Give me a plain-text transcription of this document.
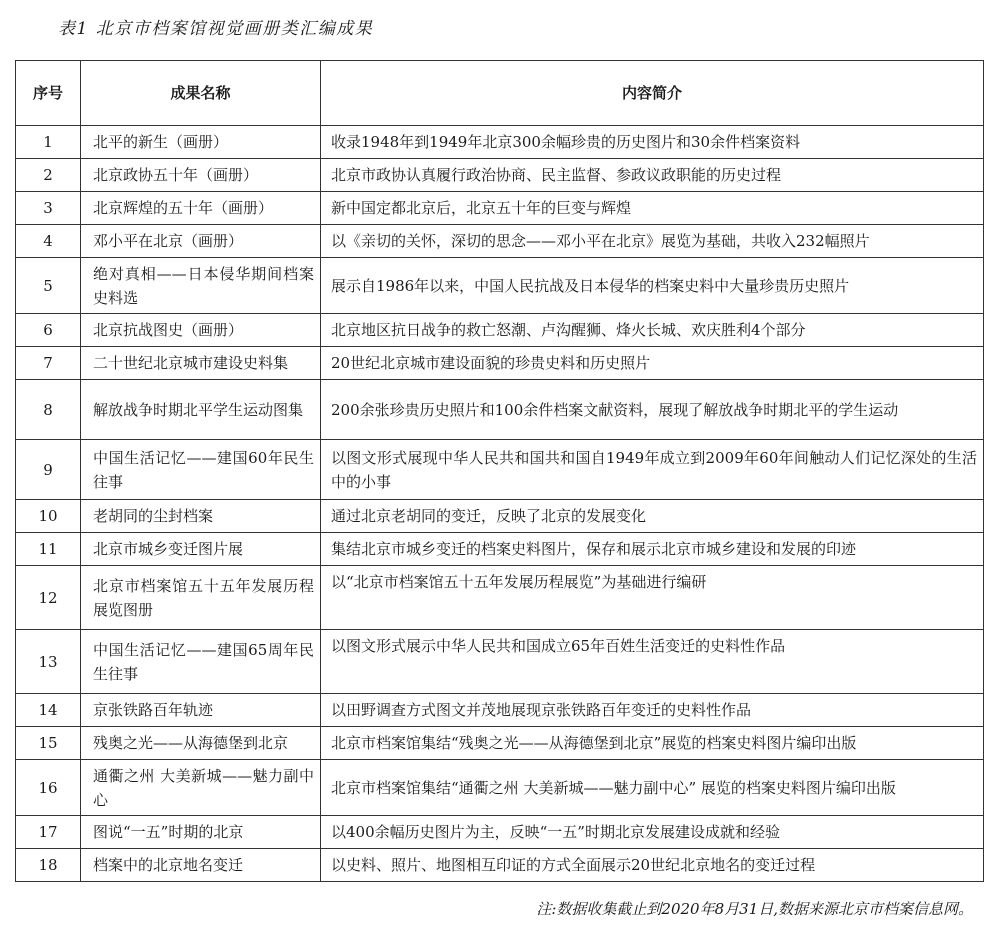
表1 北京市档案馆视觉画册类汇编成果
序号	成果名称	内容简介
1	北平的新生（画册）	收录1948年到1949年北京300余幅珍贵的历史图片和30余件档案资料
2	北京政协五十年（画册）	北京市政协认真履行政治协商、民主监督、参政议政职能的历史过程
3	北京辉煌的五十年（画册）	新中国定都北京后，北京五十年的巨变与辉煌
4	邓小平在北京（画册）	以《亲切的关怀，深切的思念——邓小平在北京》展览为基础，共收入232幅照片
5	绝对真相——日本侵华期间档案史料选	展示自1986年以来，中国人民抗战及日本侵华的档案史料中大量珍贵历史照片
6	北京抗战图史（画册）	北京地区抗日战争的救亡怒潮、卢沟醒狮、烽火长城、欢庆胜利4个部分
7	二十世纪北京城市建设史料集	20世纪北京城市建设面貌的珍贵史料和历史照片
8	解放战争时期北平学生运动图集	200余张珍贵历史照片和100余件档案文献资料，展现了解放战争时期北平的学生运动
9	中国生活记忆——建国60年民生往事	以图文形式展现中华人民共和国共和国自1949年成立到2009年60年间触动人们记忆深处的生活中的小事
10	老胡同的尘封档案	通过北京老胡同的变迁，反映了北京的发展变化
11	北京市城乡变迁图片展	集结北京市城乡变迁的档案史料图片，保存和展示北京市城乡建设和发展的印迹
12	北京市档案馆五十五年发展历程展览图册	以“北京市档案馆五十五年发展历程展览”为基础进行编研
13	中国生活记忆——建国65周年民生往事	以图文形式展示中华人民共和国成立65年百姓生活变迁的史料性作品
14	京张铁路百年轨迹	以田野调查方式图文并茂地展现京张铁路百年变迁的史料性作品
15	残奥之光——从海德堡到北京	北京市档案馆集结“残奥之光——从海德堡到北京”展览的档案史料图片编印出版
16	通衢之州 大美新城——魅力副中心	北京市档案馆集结“通衢之州 大美新城——魅力副中心” 展览的档案史料图片编印出版
17	图说“一五”时期的北京	以400余幅历史图片为主，反映“一五”时期北京发展建设成就和经验
18	档案中的北京地名变迁	以史料、照片、地图相互印证的方式全面展示20世纪北京地名的变迁过程
注:数据收集截止到2020年8月31日,数据来源北京市档案信息网。
